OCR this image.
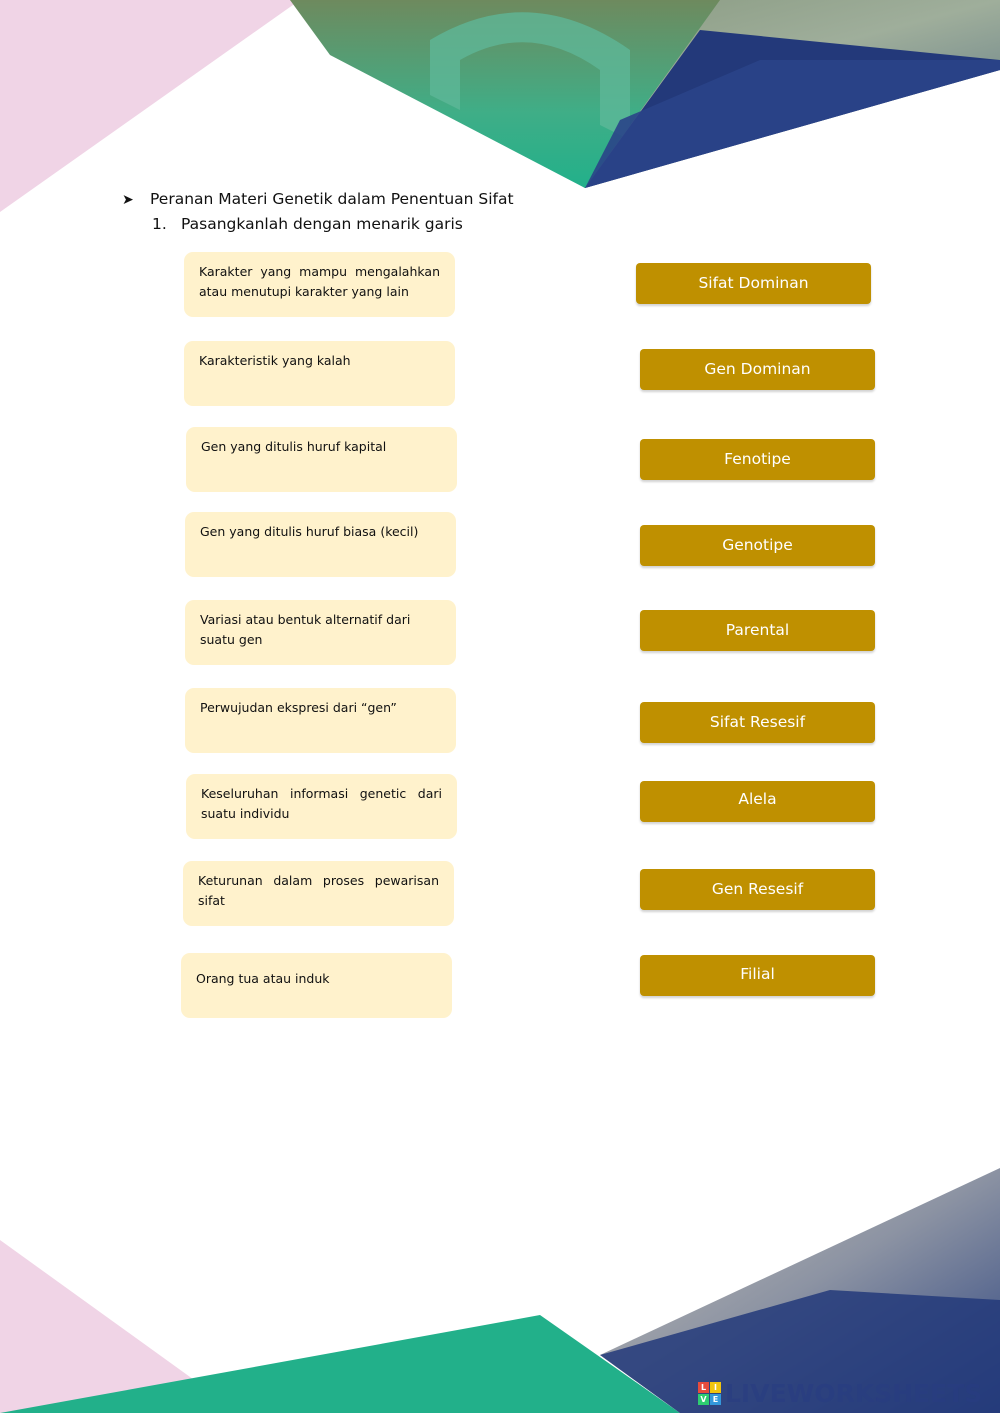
➤ Peranan Materi Genetik dalam Penentuan Sifat
1. Pasangkanlah dengan menarik garis
Karakter yang mampu mengalahkan atau menutupi karakter yang lain
Karakteristik yang kalah
Gen yang ditulis huruf kapital
Gen yang ditulis huruf biasa (kecil)
Variasi atau bentuk alternatif dari suatu gen
Perwujudan ekspresi dari “gen”
Keseluruhan informasi genetic dari suatu individu
Keturunan dalam proses pewarisan sifat
Orang tua atau induk
Sifat Dominan
Gen Dominan
Fenotipe
Genotipe
Parental
Sifat Resesif
Alela
Gen Resesif
Filial
L I
V E LIVEWORKSHEETS
